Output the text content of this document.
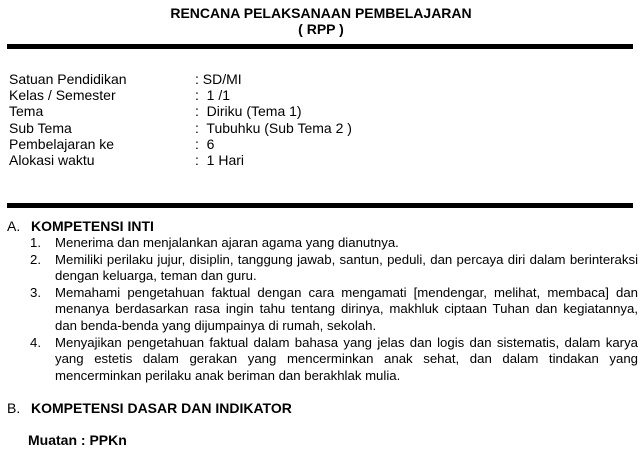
RENCANA PELAKSANAAN PEMBELAJARAN
( RPP )
Satuan Pendidikan	: SD/MI
Kelas / Semester	:  1 /1
Tema	:  Diriku (Tema 1)
Sub Tema	:  Tubuhku (Sub Tema 2 )
Pembelajaran ke	:  6
Alokasi waktu	:  1 Hari
A. KOMPETENSI INTI
1. Menerima dan menjalankan ajaran agama yang dianutnya.
2. Memiliki perilaku jujur, disiplin, tanggung jawab, santun, peduli, dan percaya diri dalam berinteraksi dengan keluarga, teman dan guru.
3. Memahami pengetahuan faktual dengan cara mengamati [mendengar, melihat, membaca] dan menanya berdasarkan rasa ingin tahu tentang dirinya, makhluk ciptaan Tuhan dan kegiatannya, dan benda-benda yang dijumpainya di rumah, sekolah.
4. Menyajikan pengetahuan faktual dalam bahasa yang jelas dan logis dan sistematis, dalam karya yang estetis dalam gerakan yang mencerminkan anak sehat, dan dalam tindakan yang mencerminkan perilaku anak beriman dan berakhlak mulia.
B. KOMPETENSI DASAR DAN INDIKATOR
Muatan : PPKn
